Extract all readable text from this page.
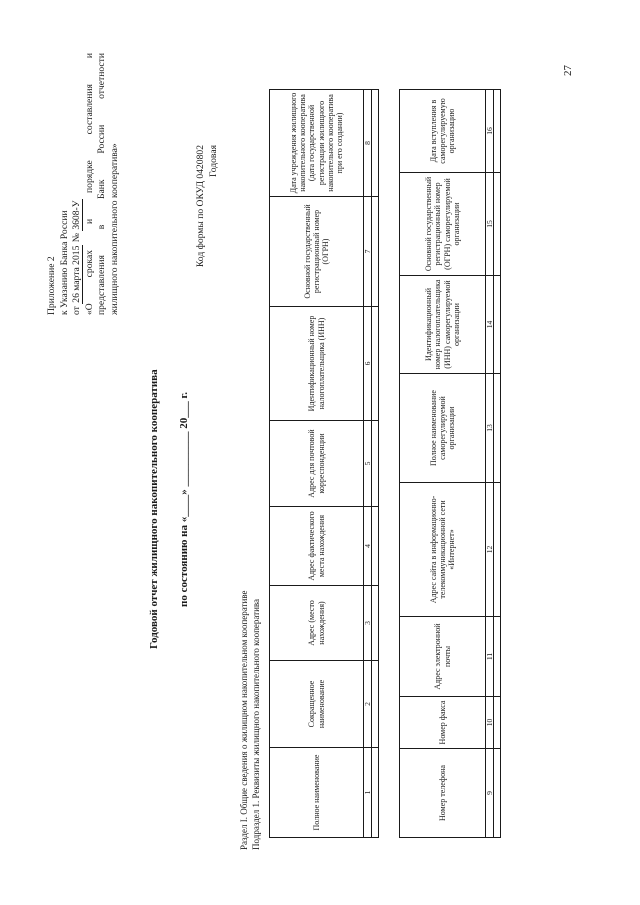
27
Приложение 2 к Указанию Банка России от 26 марта 2015 № 3608-У «О сроках и порядке составления и представления в Банк России отчетности жилищного накопительного кооператива»
Годовой отчет жилищного накопительного кооператива по состоянию на «____» __________ 20___ г.
Код формы по ОКУД 0420802 Годовая
Раздел I. Общие сведения о жилищном накопительном кооперативе Подраздел 1. Реквизиты жилищного накопительного кооператива	Полное наименование	Сокращенное наименование	Адрес (место нахождения)	Адрес фактического места нахождения	Адрес для почтовой корреспонденции	Идентификационный номер налогоплательщика (ИНН)	Основной государственный регистрационный номер (ОГРН)	Дата учреждения жилищного накопительного кооператива (дата государственной регистрации жилищного накопительного кооператива при его создании)
1	2	3	4	5	6	7	8

Номер телефона	Номер факса	Адрес электронной почты	Адрес сайта в информационно-телекоммуникационной сети «Интернет»	Полное наименование саморегулируемой организации	Идентификационный номер налогоплательщика (ИНН) саморегулируемой организации	Основной государственный регистрационный номер (ОГРН) саморегулируемой организации	Дата вступления в саморегулируемую организацию
9	10	11	12	13	14	15	16
